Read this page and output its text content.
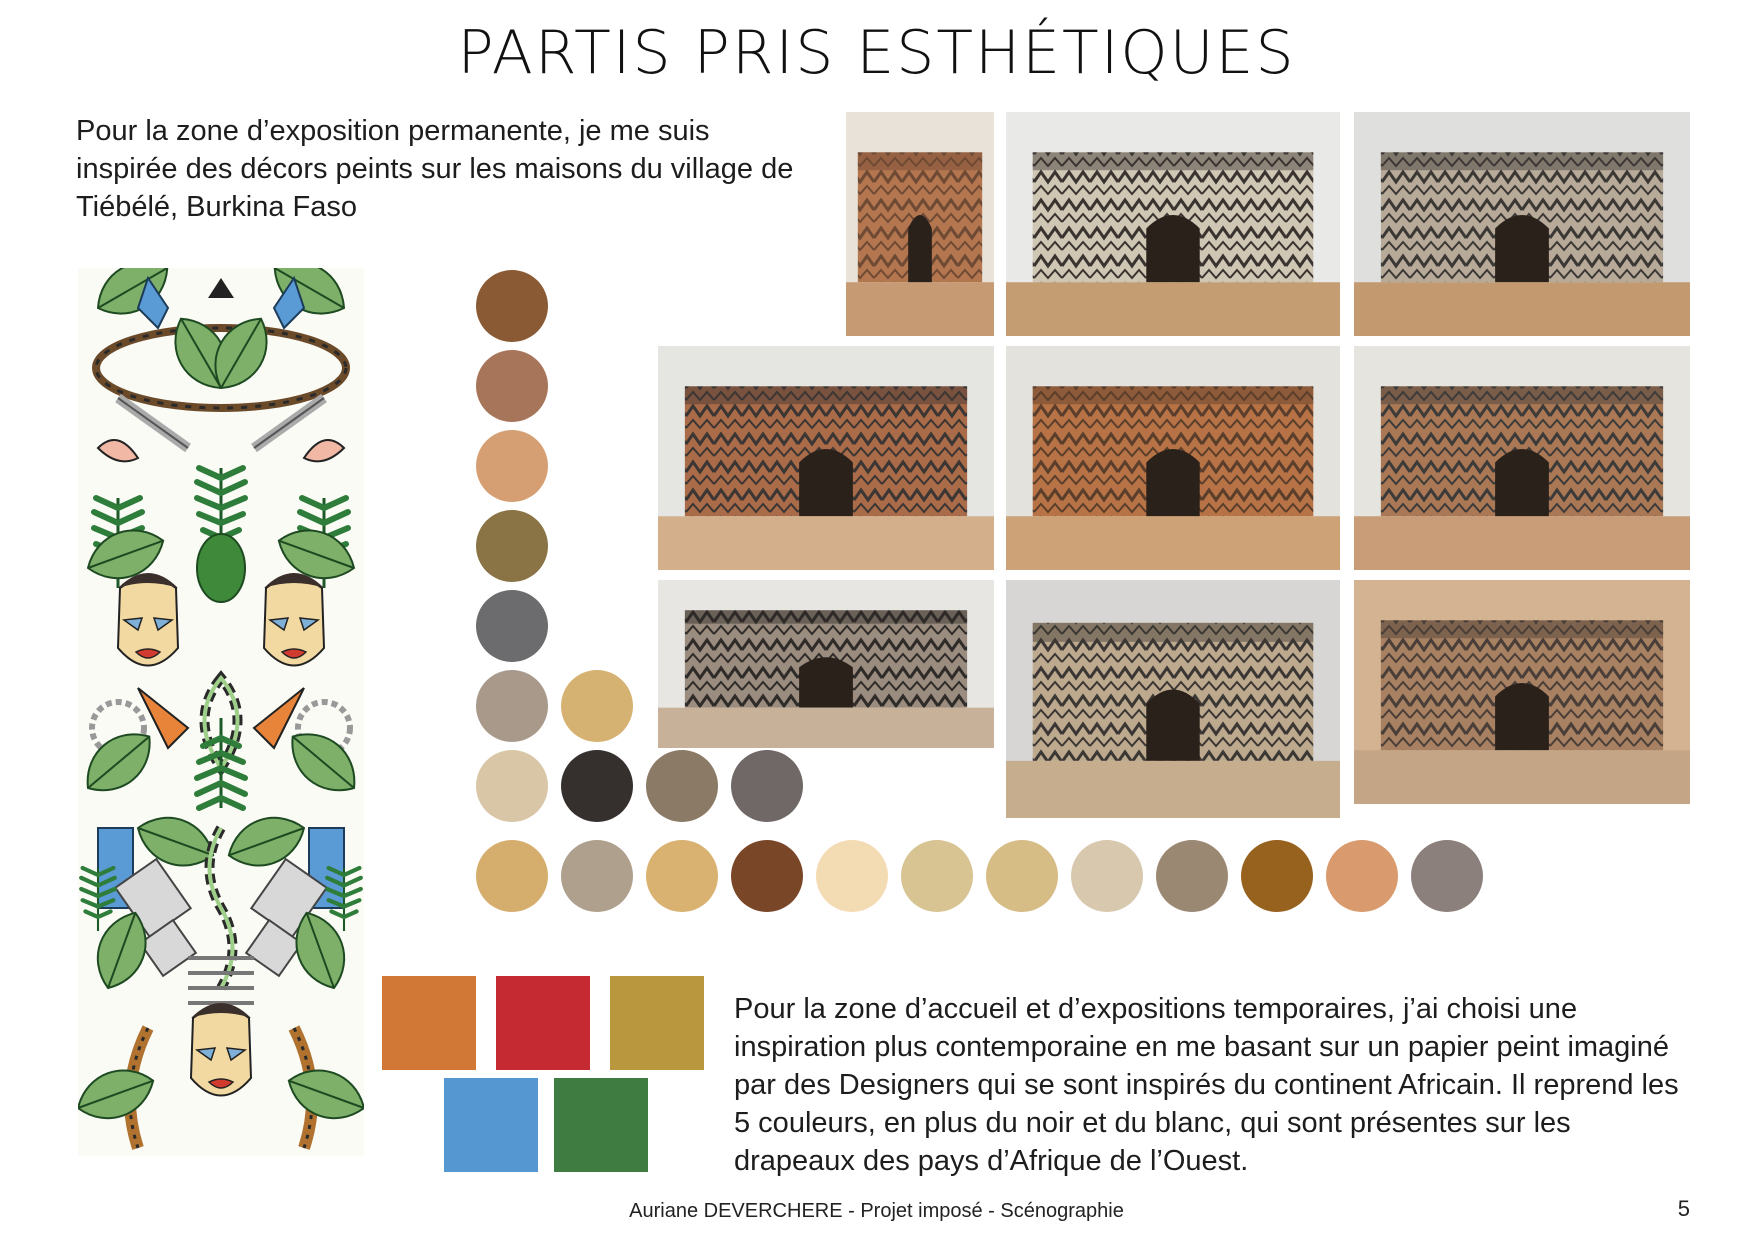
PARTIS PRIS ESTHÉTIQUES
Pour la zone d’exposition permanente, je me suis inspirée des décors peints sur les maisons du village de Tiébélé, Burkina Faso
Pour la zone d’accueil et d’expositions temporaires, j’ai choisi une inspiration plus contemporaine en me basant sur un papier peint imaginé par des Designers qui se sont inspirés du continent Africain. Il reprend les 5 couleurs, en plus du noir et du blanc, qui sont présentes sur les drapeaux des pays d’Afrique de l’Ouest.
Auriane DEVERCHERE - Projet imposé - Scénographie	5
